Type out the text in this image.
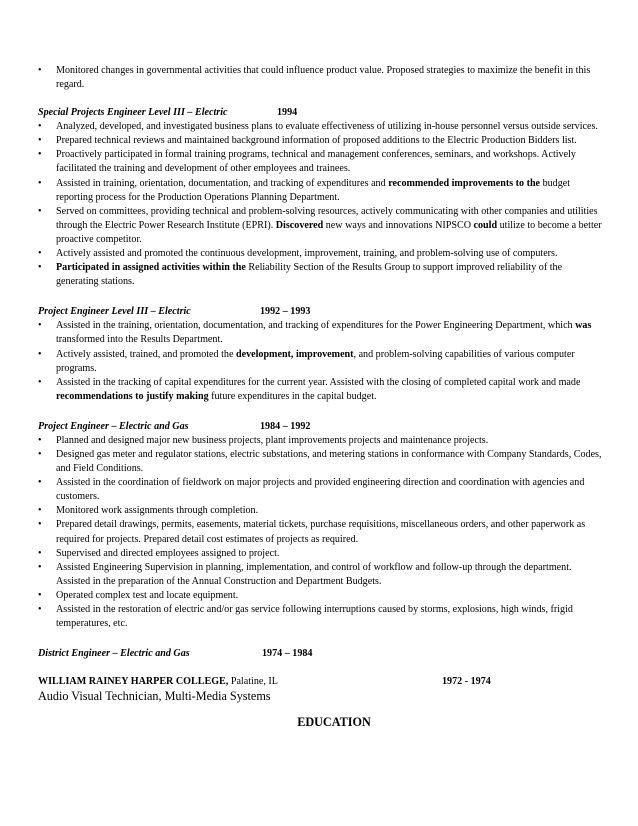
• Monitored changes in governmental activities that could influence product value. Proposed strategies to maximize the benefit in this regard.
Special Projects Engineer Level III – Electric	1994
• Analyzed, developed, and investigated business plans to evaluate effectiveness of utilizing in-house personnel versus outside services.
• Prepared technical reviews and maintained background information of proposed additions to the Electric Production Bidders list.
• Proactively participated in formal training programs, technical and management conferences, seminars, and workshops. Actively facilitated the training and development of other employees and trainees.
• Assisted in training, orientation, documentation, and tracking of expenditures and recommended improvements to the budget reporting process for the Production Operations Planning Department.
• Served on committees, providing technical and problem-solving resources, actively communicating with other companies and utilities through the Electric Power Research Institute (EPRI). Discovered new ways and innovations NIPSCO could utilize to become a better proactive competitor.
• Actively assisted and promoted the continuous development, improvement, training, and problem-solving use of computers.
• Participated in assigned activities within the Reliability Section of the Results Group to support improved reliability of the generating stations.
Project Engineer Level III – Electric	1992 – 1993
• Assisted in the training, orientation, documentation, and tracking of expenditures for the Power Engineering Department, which was transformed into the Results Department.
• Actively assisted, trained, and promoted the development, improvement, and problem-solving capabilities of various computer programs.
• Assisted in the tracking of capital expenditures for the current year. Assisted with the closing of completed capital work and made recommendations to justify making future expenditures in the capital budget.
Project Engineer – Electric and Gas	1984 – 1992
• Planned and designed major new business projects, plant improvements projects and maintenance projects.
• Designed gas meter and regulator stations, electric substations, and metering stations in conformance with Company Standards, Codes, and Field Conditions.
• Assisted in the coordination of fieldwork on major projects and provided engineering direction and coordination with agencies and customers.
• Monitored work assignments through completion.
• Prepared detail drawings, permits, easements, material tickets, purchase requisitions, miscellaneous orders, and other paperwork as required for projects. Prepared detail cost estimates of projects as required.
• Supervised and directed employees assigned to project.
• Assisted Engineering Supervision in planning, implementation, and control of workflow and follow-up through the department. Assisted in the preparation of the Annual Construction and Department Budgets.
• Operated complex test and locate equipment.
• Assisted in the restoration of electric and/or gas service following interruptions caused by storms, explosions, high winds, frigid temperatures, etc.
District Engineer – Electric and Gas	1974 – 1984
WILLIAM RAINEY HARPER COLLEGE, Palatine, IL	1972 - 1974
Audio Visual Technician, Multi-Media Systems
EDUCATION
